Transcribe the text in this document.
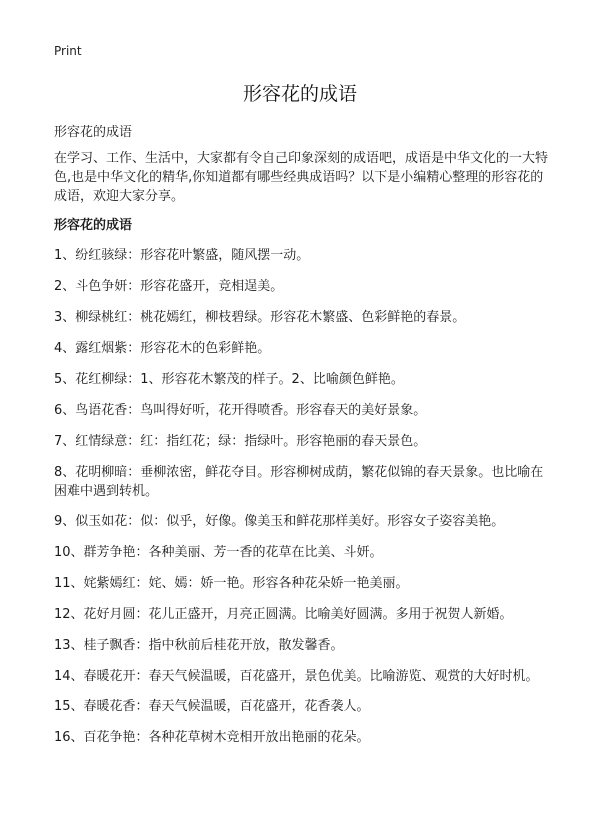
Print
形容花的成语

形容花的成语

在学习、工作、生活中，大家都有令自己印象深刻的成语吧，成语是中华文化的一大特色,也是中华文化的精华,你知道都有哪些经典成语吗？以下是小编精心整理的形容花的成语，欢迎大家分享。

形容花的成语
1、纷红骇绿：形容花叶繁盛，随风摆一动。
2、斗色争妍：形容花盛开，竞相逞美。
3、柳绿桃红：桃花嫣红，柳枝碧绿。形容花木繁盛、色彩鲜艳的春景。
4、露红烟紫：形容花木的色彩鲜艳。
5、花红柳绿：1、形容花木繁茂的样子。2、比喻颜色鲜艳。
6、鸟语花香：鸟叫得好听，花开得喷香。形容春天的美好景象。
7、红情绿意：红：指红花；绿：指绿叶。形容艳丽的春天景色。
8、花明柳暗：垂柳浓密，鲜花夺目。形容柳树成荫，繁花似锦的春天景象。也比喻在困难中遇到转机。
9、似玉如花：似：似乎，好像。像美玉和鲜花那样美好。形容女子姿容美艳。
10、群芳争艳：各种美丽、芳一香的花草在比美、斗妍。
11、姹紫嫣红：姹、嫣：娇一艳。形容各种花朵娇一艳美丽。
12、花好月圆：花儿正盛开，月亮正圆满。比喻美好圆满。多用于祝贺人新婚。
13、桂子飘香：指中秋前后桂花开放，散发馨香。
14、春暖花开：春天气候温暖，百花盛开，景色优美。比喻游览、观赏的大好时机。
15、春暖花香：春天气候温暖，百花盛开，花香袭人。
16、百花争艳：各种花草树木竞相开放出艳丽的花朵。
